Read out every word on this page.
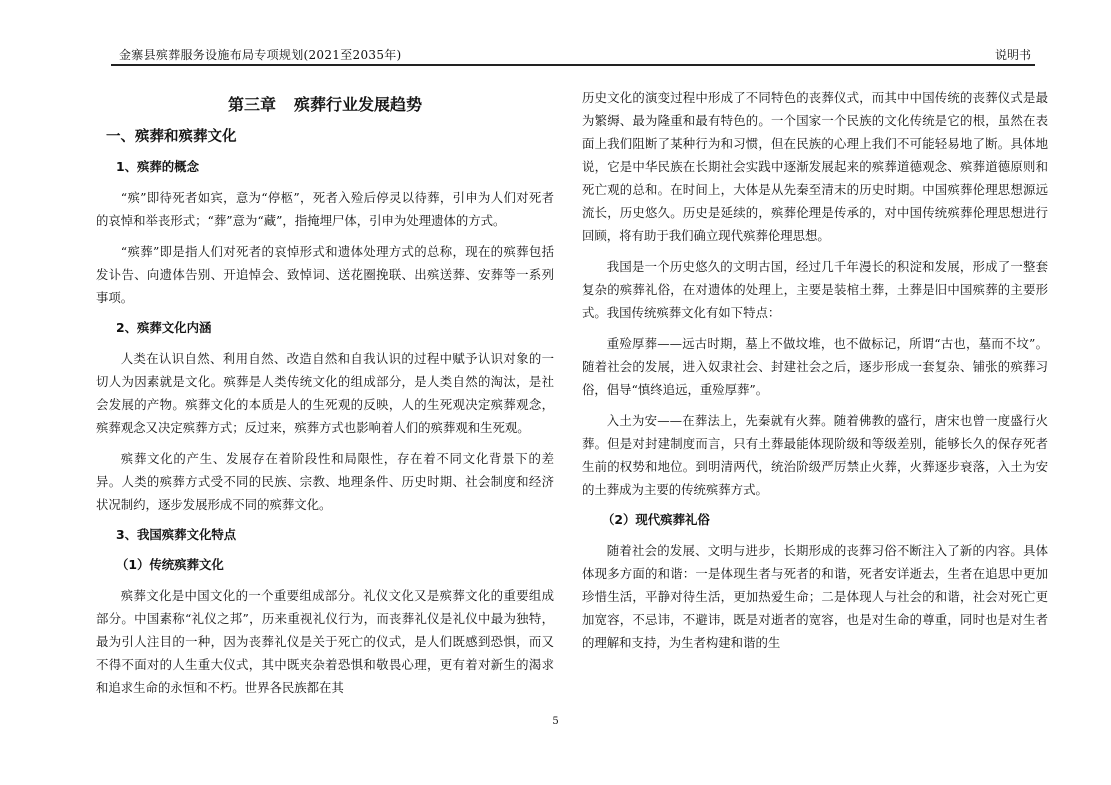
金寨县殡葬服务设施布局专项规划(2021至2035年)	说明书
第三章 殡葬行业发展趋势
一、殡葬和殡葬文化
1、殡葬的概念

“殡”即待死者如宾，意为“停柩”，死者入殓后停灵以待葬，引申为人们对死者的哀悼和举丧形式；“葬”意为“藏”，指掩埋尸体，引申为处理遗体的方式。

“殡葬”即是指人们对死者的哀悼形式和遗体处理方式的总称，现在的殡葬包括发讣告、向遗体告别、开追悼会、致悼词、送花圈挽联、出殡送葬、安葬等一系列事项。

2、殡葬文化内涵

人类在认识自然、利用自然、改造自然和自我认识的过程中赋予认识对象的一切人为因素就是文化。殡葬是人类传统文化的组成部分，是人类自然的淘汰，是社会发展的产物。殡葬文化的本质是人的生死观的反映，人的生死观决定殡葬观念，殡葬观念又决定殡葬方式；反过来，殡葬方式也影响着人们的殡葬观和生死观。

殡葬文化的产生、发展存在着阶段性和局限性，存在着不同文化背景下的差异。人类的殡葬方式受不同的民族、宗教、地理条件、历史时期、社会制度和经济状况制约，逐步发展形成不同的殡葬文化。

3、我国殡葬文化特点
（1）传统殡葬文化

殡葬文化是中国文化的一个重要组成部分。礼仪文化又是殡葬文化的重要组成部分。中国素称“礼仪之邦”，历来重视礼仪行为，而丧葬礼仪是礼仪中最为独特，最为引人注目的一种，因为丧葬礼仪是关于死亡的仪式，是人们既感到恐惧，而又不得不面对的人生重大仪式，其中既夹杂着恐惧和敬畏心理，更有着对新生的渴求和追求生命的永恒和不朽。世界各民族都在其

历史文化的演变过程中形成了不同特色的丧葬仪式，而其中中国传统的丧葬仪式是最为繁缛、最为隆重和最有特色的。一个国家一个民族的文化传统是它的根，虽然在表面上我们阻断了某种行为和习惯，但在民族的心理上我们不可能轻易地了断。具体地说，它是中华民族在长期社会实践中逐渐发展起来的殡葬道德观念、殡葬道德原则和死亡观的总和。在时间上，大体是从先秦至清末的历史时期。中国殡葬伦理思想源远流长，历史悠久。历史是延续的，殡葬伦理是传承的，对中国传统殡葬伦理思想进行回顾，将有助于我们确立现代殡葬伦理思想。

我国是一个历史悠久的文明古国，经过几千年漫长的积淀和发展，形成了一整套复杂的殡葬礼俗，在对遗体的处理上，主要是装棺土葬，土葬是旧中国殡葬的主要形式。我国传统殡葬文化有如下特点：

重殓厚葬——远古时期，墓上不做坟堆，也不做标记，所谓“古也，墓而不坟”。随着社会的发展，进入奴隶社会、封建社会之后，逐步形成一套复杂、铺张的殡葬习俗，倡导“慎终追远，重殓厚葬”。

入土为安——在葬法上，先秦就有火葬。随着佛教的盛行，唐宋也曾一度盛行火葬。但是对封建制度而言，只有土葬最能体现阶级和等级差别，能够长久的保存死者生前的权势和地位。到明清两代，统治阶级严厉禁止火葬，火葬逐步衰落，入土为安的土葬成为主要的传统殡葬方式。

（2）现代殡葬礼俗

随着社会的发展、文明与进步，长期形成的丧葬习俗不断注入了新的内容。具体体现多方面的和谐：一是体现生者与死者的和谐，死者安详逝去，生者在追思中更加珍惜生活，平静对待生活，更加热爱生命；二是体现人与社会的和谐，社会对死亡更加宽容，不忌讳，不避讳，既是对逝者的宽容，也是对生命的尊重，同时也是对生者的理解和支持，为生者构建和谐的生

5
